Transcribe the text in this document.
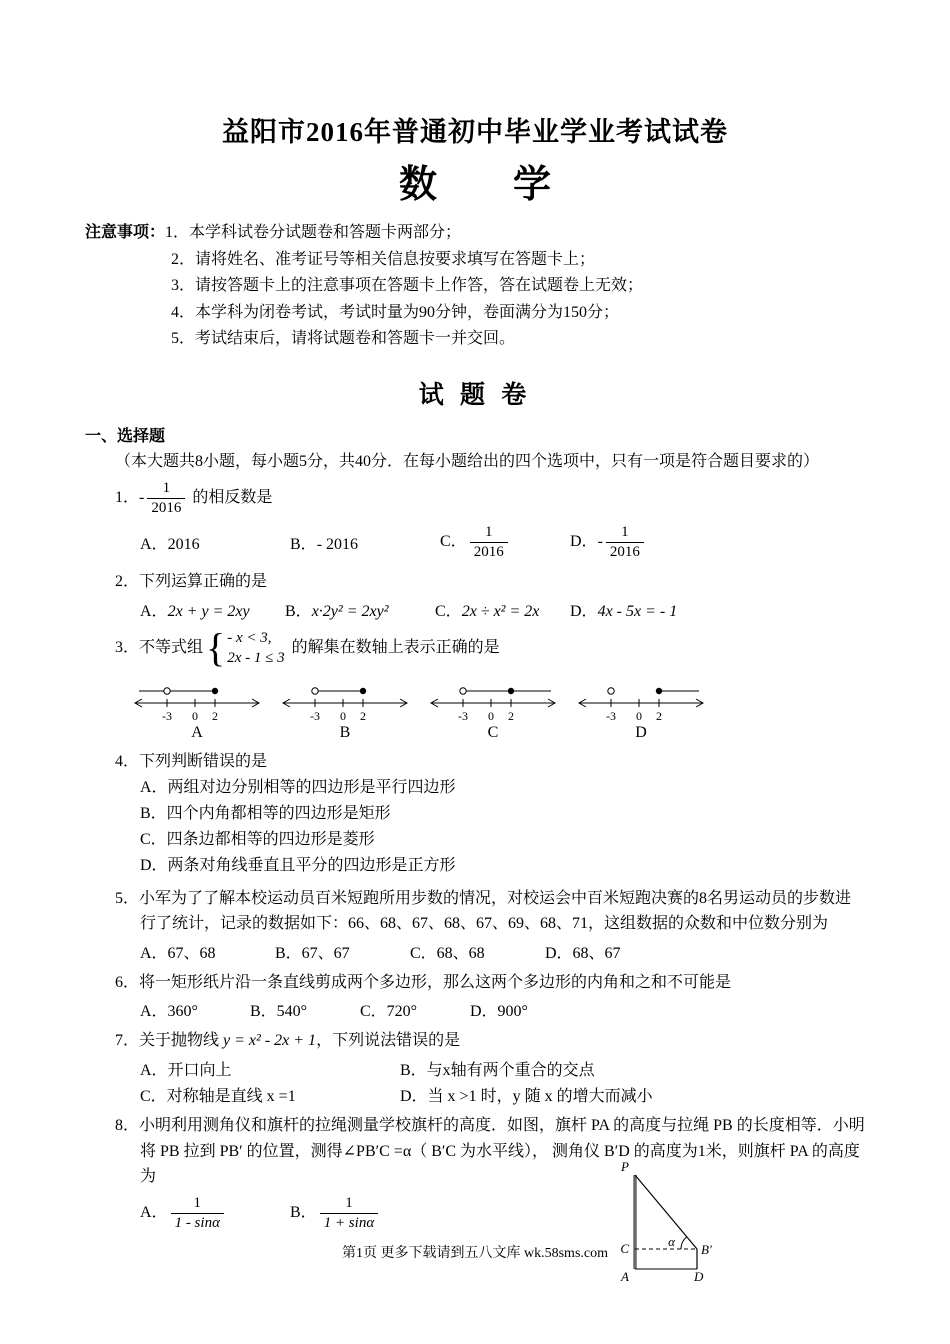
益阳市2016年普通初中毕业学业考试试卷
数　　学
注意事项：1．本学科试卷分试题卷和答题卡两部分；
2．请将姓名、准考证号等相关信息按要求填写在答题卡上；
3．请按答题卡上的注意事项在答题卡上作答，答在试题卷上无效；
4．本学科为闭卷考试，考试时量为90分钟，卷面满分为150分；
5．考试结束后，请将试题卷和答题卡一并交回。
试 题 卷
一、选择题（本大题共8小题，每小题5分，共40分．在每小题给出的四个选项中，只有一项是符合题目要求的）
1．- $\frac{1}{2016}$ 的相反数是
A．2016	B．- 2016	C． $\frac{1}{2016}$	D．- $\frac{1}{2016}$
2．下列运算正确的是
A．2x + y = 2xy	B．x·2y² = 2xy²	C．2x ÷ x² = 2x	D．4x - 5x = - 1
3．不等式组 { - x < 3,
2x - 1 ≤ 3
的解集在数轴上表示正确的是
-3 0 2
A
-3 0 2
B
-3 0 2
C
-3 0 2
D
4．下列判断错误的是
A．两组对边分别相等的四边形是平行四边形
B．四个内角都相等的四边形是矩形
C．四条边都相等的四边形是菱形
D．两条对角线垂直且平分的四边形是正方形
5．小军为了了解本校运动员百米短跑所用步数的情况，对校运会中百米短跑决赛的8名男运动员的步数进行了统计，记录的数据如下：66、68、67、68、67、69、68、71，这组数据的众数和中位数分别为
A．67、68	B．67、67	C．68、68	D．68、67
6．将一矩形纸片沿一条直线剪成两个多边形，那么这两个多边形的内角和之和不可能是
A．360°	B．540°	C．720°	D．900°
7．关于抛物线 y = x² - 2x + 1，下列说法错误的是
A．开口向上	B．与x轴有两个重合的交点
C．对称轴是直线 x =1	D．当 x >1 时，y 随 x 的增大而减小
8．小明利用测角仪和旗杆的拉绳测量学校旗杆的高度．如图，旗杆 PA 的高度与拉绳 PB 的长度相等．小明将 PB 拉到 PB′ 的位置，测得∠PB′C =α（ B′C 为水平线）， 测角仪 B′D 的高度为1米，则旗杆 PA 的高度为
A． $\frac{1}{1 - \sin\alpha}$	B． $\frac{1}{1 + \sin\alpha}$
P
C	α
B′
A	D
第1页 更多下载请到五八文库 wk.58sms.com
